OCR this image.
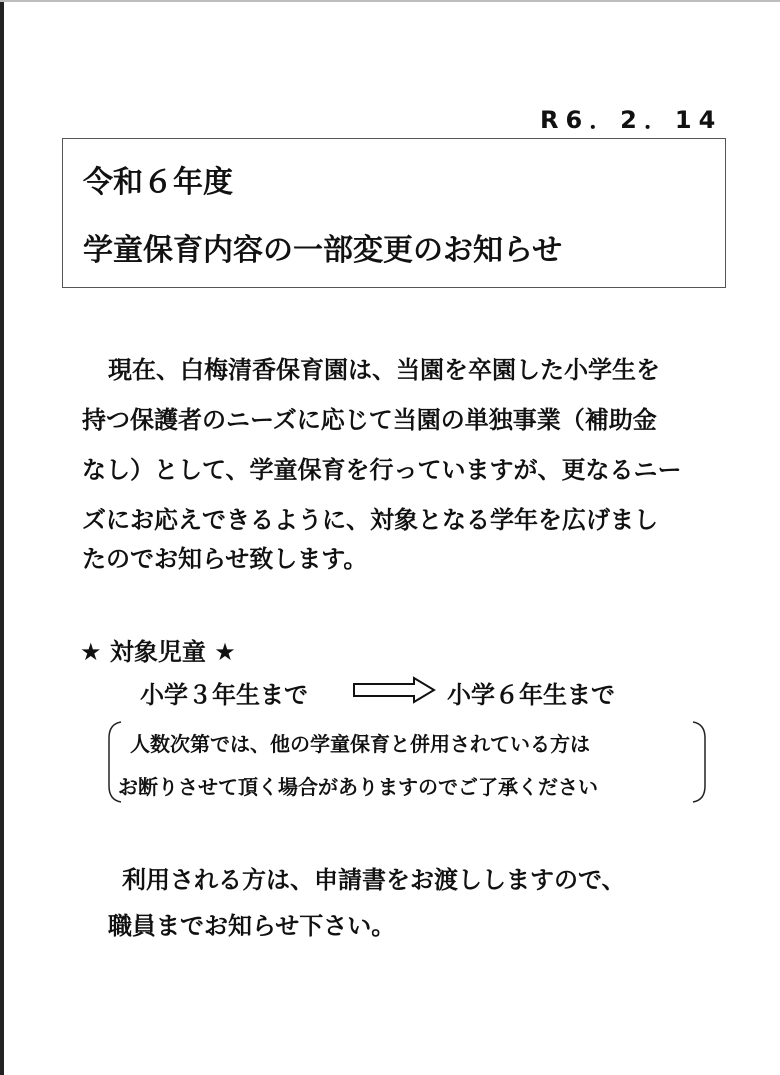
R6．2．14
令和６年度
学童保育内容の一部変更のお知らせ
現在、白梅清香保育園は、当園を卒園した小学生を
持つ保護者のニーズに応じて当園の単独事業（補助金
なし）として、学童保育を行っていますが、更なるニー
ズにお応えできるように、対象となる学年を広げまし
たのでお知らせ致します。
★ 対象児童 ★
小学３年生まで	小学６年生まで
人数次第では、他の学童保育と併用されている方は
お断りさせて頂く場合がありますのでご了承ください
利用される方は、申請書をお渡ししますので、
職員までお知らせ下さい。
